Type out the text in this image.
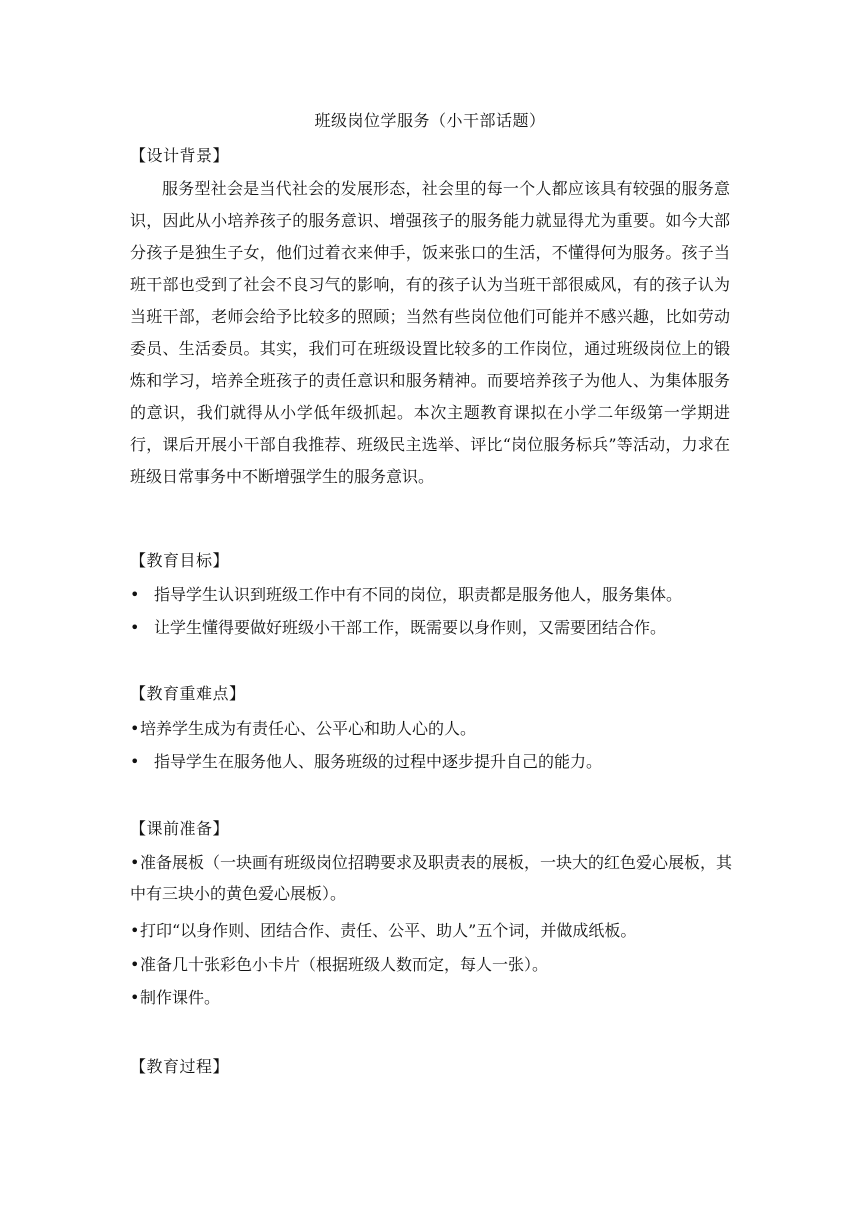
班级岗位学服务（小干部话题）
【设计背景】
服务型社会是当代社会的发展形态，社会里的每一个人都应该具有较强的服务意识，因此从小培养孩子的服务意识、增强孩子的服务能力就显得尤为重要。如今大部分孩子是独生子女，他们过着衣来伸手，饭来张口的生活，不懂得何为服务。孩子当班干部也受到了社会不良习气的影响，有的孩子认为当班干部很威风，有的孩子认为当班干部，老师会给予比较多的照顾；当然有些岗位他们可能并不感兴趣，比如劳动委员、生活委员。其实，我们可在班级设置比较多的工作岗位，通过班级岗位上的锻炼和学习，培养全班孩子的责任意识和服务精神。而要培养孩子为他人、为集体服务的意识，我们就得从小学低年级抓起。本次主题教育课拟在小学二年级第一学期进行，课后开展小干部自我推荐、班级民主选举、评比“岗位服务标兵”等活动，力求在班级日常事务中不断增强学生的服务意识。
【教育目标】
• 指导学生认识到班级工作中有不同的岗位，职责都是服务他人，服务集体。
• 让学生懂得要做好班级小干部工作，既需要以身作则，又需要团结合作。
【教育重难点】
•培养学生成为有责任心、公平心和助人心的人。
• 指导学生在服务他人、服务班级的过程中逐步提升自己的能力。
【课前准备】
•准备展板（一块画有班级岗位招聘要求及职责表的展板，一块大的红色爱心展板，其中有三块小的黄色爱心展板）。
•打印“以身作则、团结合作、责任、公平、助人”五个词，并做成纸板。
•准备几十张彩色小卡片（根据班级人数而定，每人一张）。
•制作课件。
【教育过程】
